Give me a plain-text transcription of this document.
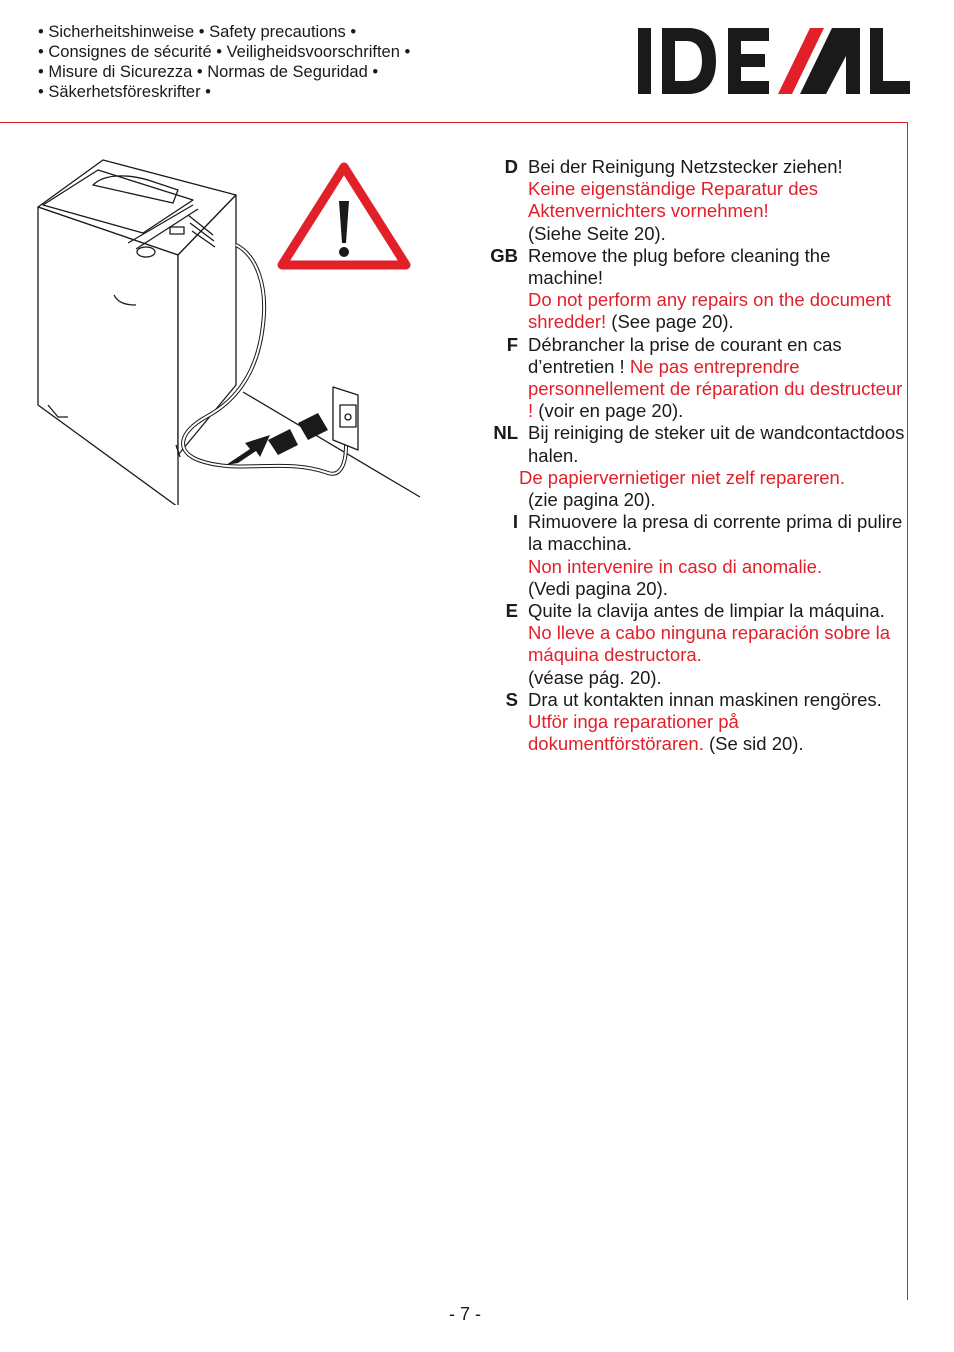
• Sicherheitshinweise • Safety precautions •
• Consignes de sécurité • Veiligheidsvoorschriften •
• Misure di Sicurezza • Normas de Seguridad •
• Säkerhetsföreskrifter •
IDEAL
D Bei der Reinigung Netzstecker ziehen!
Keine eigenständige Reparatur des Aktenvernichters vornehmen!
(Siehe Seite 20).
GB Remove the plug before cleaning the machine!
Do not perform any repairs on the document shredder! (See page 20).
F Débrancher la prise de courant en cas d’entretien ! Ne pas entreprendre personnellement de réparation du destructeur ! (voir en page 20).
NL Bij reiniging de steker uit de wandcontactdoos halen.
De papiervernietiger niet zelf repareren.
(zie pagina 20).
I Rimuovere la presa di corrente prima di pulire la macchina.
Non intervenire in caso di anomalie.
(Vedi pagina 20).
E Quite la clavija antes de limpiar la máquina. No lleve a cabo ninguna reparación sobre la máquina destructora.
(véase pág. 20).
S Dra ut kontakten innan maskinen rengöres. Utför inga reparationer på dokumentförstöraren. (Se sid 20).
- 7 -
